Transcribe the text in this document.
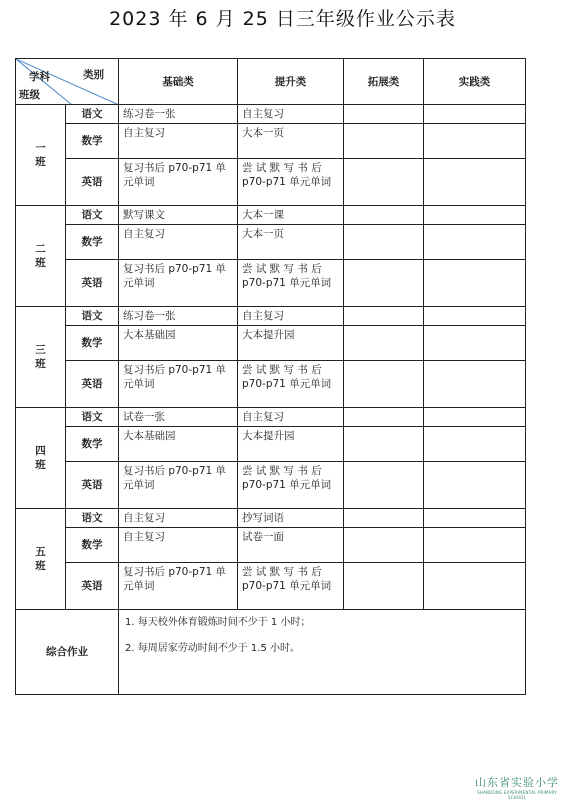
2023 年 6 月 25 日三年级作业公示表
学科 类别
班级		基础类	提升类	拓展类	实践类

一
班	语文	练习卷一张	自主复习		
	数学	自主复习	大本一页		
	英语	复习书后 p70-p71 单元单词	尝 试 默 写 书 后 p70-p71 单元单词		

二
班	语文	默写课文	大本一课		
	数学	自主复习	大本一页		
	英语	复习书后 p70-p71 单元单词	尝 试 默 写 书 后 p70-p71 单元单词		

三
班	语文	练习卷一张	自主复习		
	数学	大本基础园	大本提升园		
	英语	复习书后 p70-p71 单元单词	尝 试 默 写 书 后 p70-p71 单元单词		

四
班	语文	试卷一张	自主复习		
	数学	大本基础园	大本提升园		
	英语	复习书后 p70-p71 单元单词	尝 试 默 写 书 后 p70-p71 单元单词		

五
班	语文	自主复习	抄写词语		
	数学	自主复习	试卷一面		
	英语	复习书后 p70-p71 单元单词	尝 试 默 写 书 后 p70-p71 单元单词		
综合作业		1. 每天校外体育锻炼时间不少于 1 小时；
2. 每周居家劳动时间不少于 1.5 小时。			
山东省实验小学
SHANDONG EXPERIMENTAL PRIMARY SCHOOL
